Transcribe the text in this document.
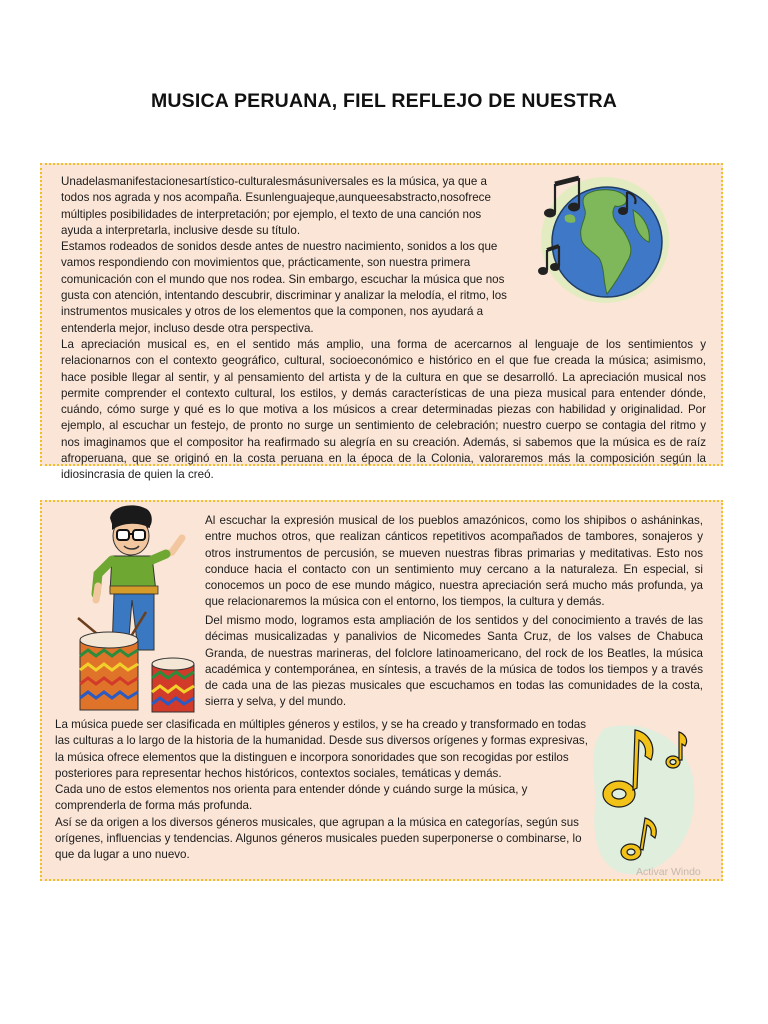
MUSICA PERUANA, FIEL REFLEJO DE NUESTRA

Unadelasmanifestacionesartístico-culturalesmásuniversales es la música, ya que a

todos nos agrada y nos acompaña. Esunlenguajeque,aunqueesabstracto,nosofrece

múltiples posibilidades de interpretación; por ejemplo, el texto de una canción nos

ayuda a interpretarla, inclusive desde su título.

Estamos rodeados de sonidos desde antes de nuestro nacimiento, sonidos a los que

vamos respondiendo con movimientos que, prácticamente, son nuestra primera

comunicación con el mundo que nos rodea. Sin embargo, escuchar la música que nos

gusta con atención, intentando descubrir, discriminar y analizar la melodía, el ritmo, los

instrumentos musicales y otros de los elementos que la componen, nos ayudará a

entenderla mejor, incluso desde otra perspectiva.

La apreciación musical es, en el sentido más amplio, una forma de acercarnos al lenguaje de los sentimientos y relacionarnos con el contexto geográfico, cultural, socioeconómico e histórico en el que fue creada la música; asimismo, hace posible llegar al sentir, y al pensamiento del artista y de la cultura en que se desarrolló. La apreciación musical nos permite comprender el contexto cultural, los estilos, y demás características de una pieza musical para entender dónde, cuándo, cómo surge y qué es lo que motiva a los músicos a crear determinadas piezas con habilidad y originalidad. Por ejemplo, al escuchar un festejo, de pronto no surge un sentimiento de celebración; nuestro cuerpo se contagia del ritmo y nos imaginamos que el compositor ha reafirmado su alegría en su creación. Además, si sabemos que la música es de raíz afroperuana, que se originó en la costa peruana en la época de la Colonia, valoraremos más la composición según la idiosincrasia de quien la creó.
Al escuchar la expresión musical de los pueblos amazónicos, como los shipibos o asháninkas, entre muchos otros, que realizan cánticos repetitivos acompañados de tambores, sonajeros y otros instrumentos de percusión, se mueven nuestras fibras primarias y meditativas. Esto nos conduce hacia el contacto con un sentimiento muy cercano a la naturaleza. En especial, si conocemos un poco de ese mundo mágico, nuestra apreciación será mucho más profunda, ya que relacionaremos la música con el entorno, los tiempos, la cultura y demás.
Del mismo modo, logramos esta ampliación de los sentidos y del conocimiento a través de las décimas musicalizadas y panalivios de Nicomedes Santa Cruz, de los valses de Chabuca Granda, de nuestras marineras, del folclore latinoamericano, del rock de los Beatles, la música académica y contemporánea, en síntesis, a través de la música de todos los tiempos y a través de cada una de las piezas musicales que escuchamos en todas las comunidades de la costa, sierra y selva, y del mundo.

La música puede ser clasificada en múltiples géneros y estilos, y se ha creado y transformado en todas

las culturas a lo largo de la historia de la humanidad. Desde sus diversos orígenes y formas expresivas,

la música ofrece elementos que la distinguen e incorpora sonoridades que son recogidas por estilos

posteriores para representar hechos históricos, contextos sociales, temáticas y demás.

Cada uno de estos elementos nos orienta para entender dónde y cuándo surge la música, y

comprenderla de forma más profunda.

Así se da origen a los diversos géneros musicales, que agrupan a la música en categorías, según sus

orígenes, influencias y tendencias. Algunos géneros musicales pueden superponerse o combinarse, lo

que da lugar a uno nuevo.

Activar Windo
